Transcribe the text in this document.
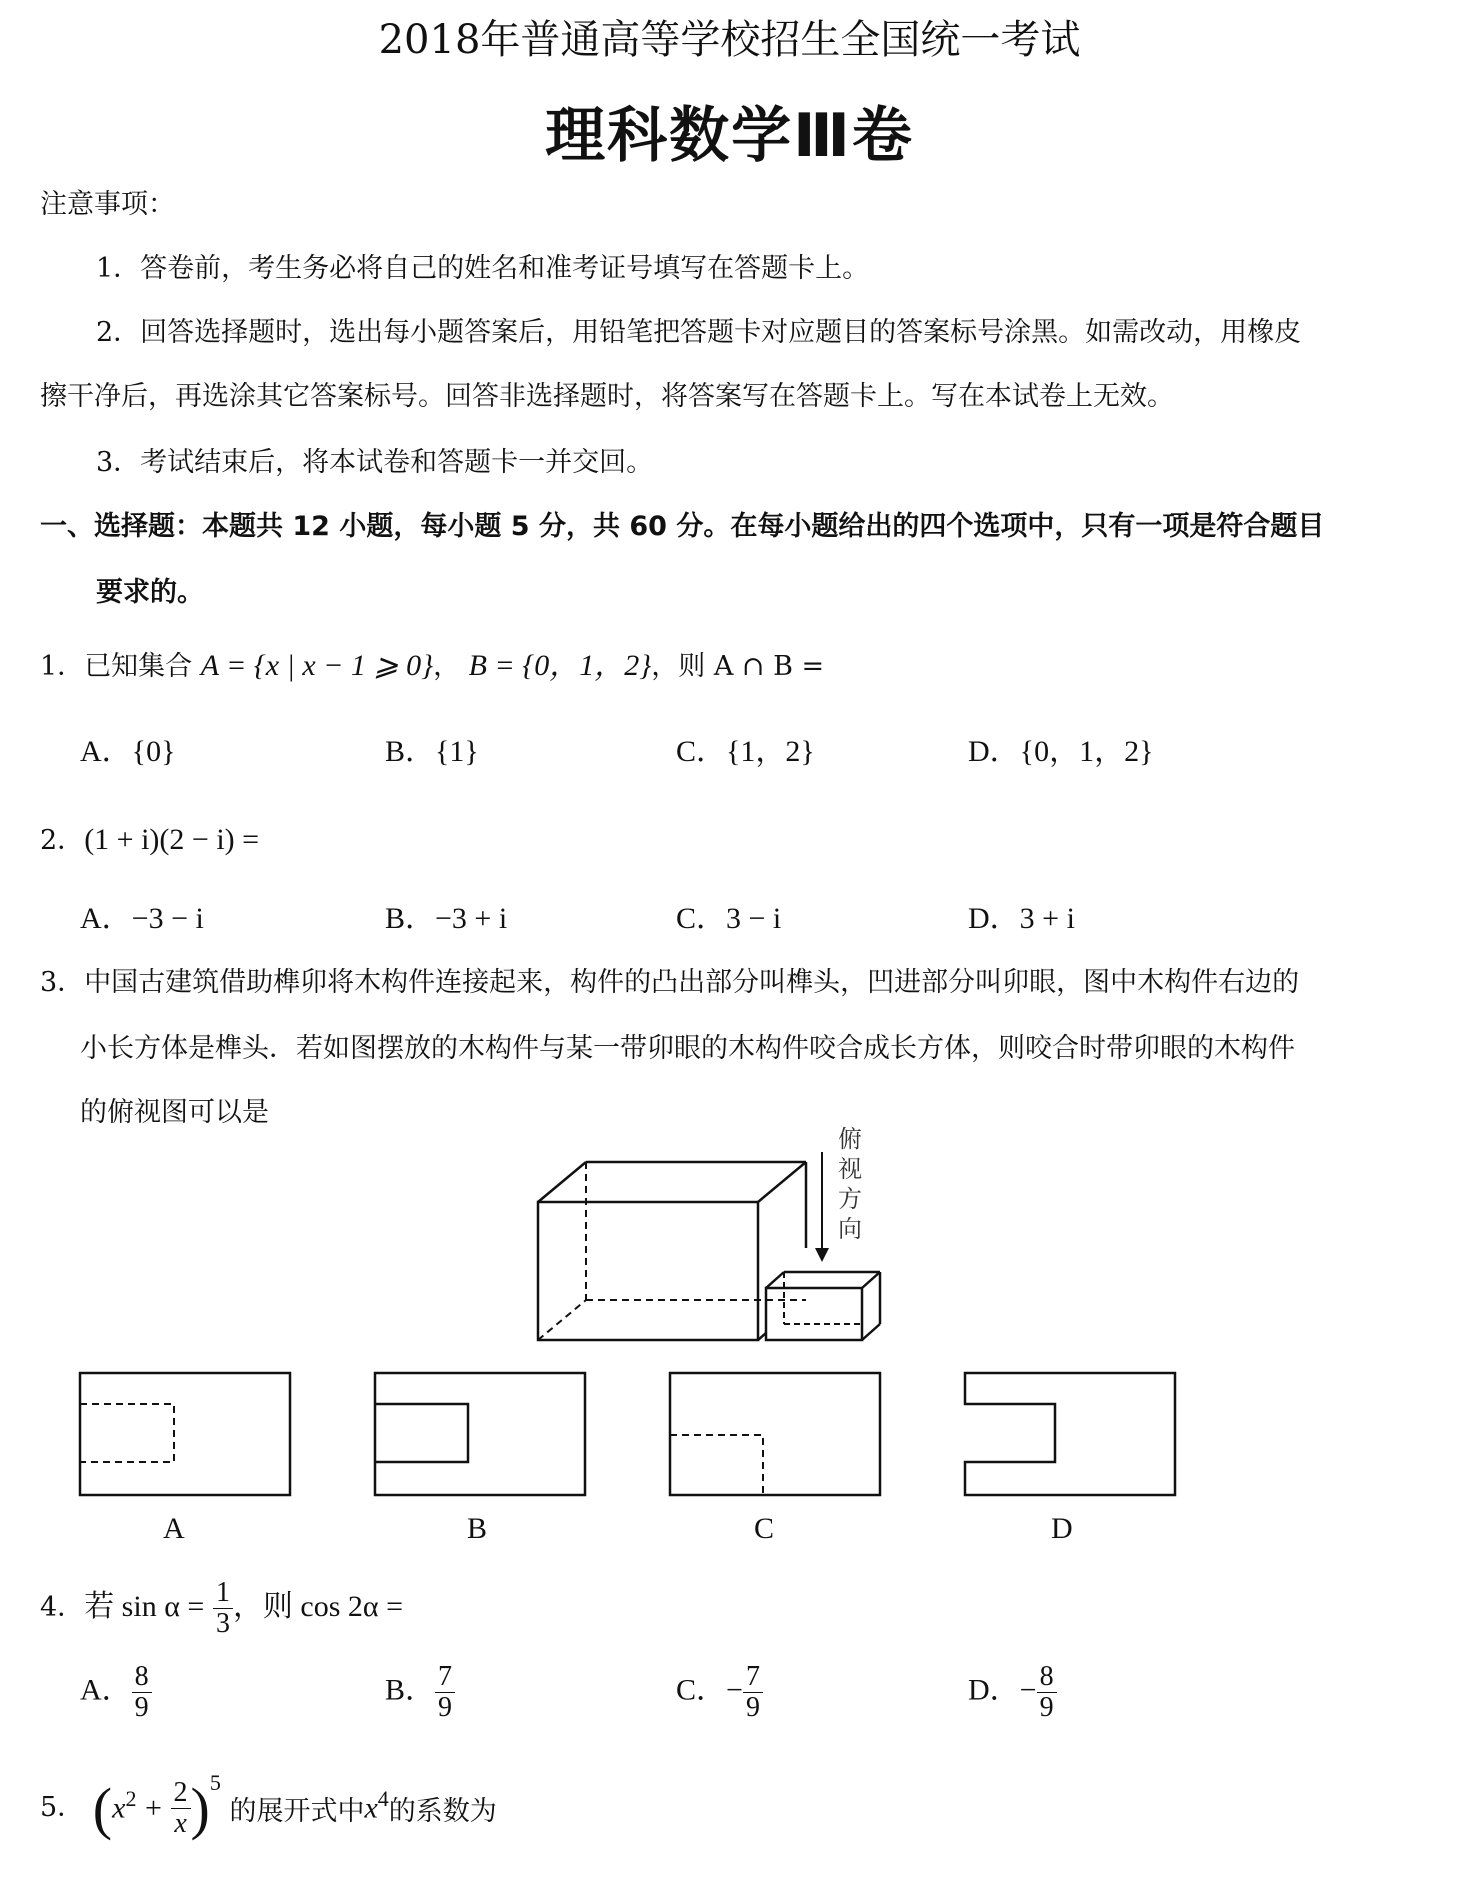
2018年普通高等学校招生全国统一考试
理科数学Ⅲ卷
注意事项：
1．答卷前，考生务必将自己的姓名和准考证号填写在答题卡上。
2．回答选择题时，选出每小题答案后，用铅笔把答题卡对应题目的答案标号涂黑。如需改动，用橡皮
擦干净后，再选涂其它答案标号。回答非选择题时，将答案写在答题卡上。写在本试卷上无效。
3．考试结束后，将本试卷和答题卡一并交回。
一、选择题：本题共 12 小题，每小题 5 分，共 60 分。在每小题给出的四个选项中，只有一项是符合题目
要求的。
1．已知集合 A = {x | x − 1 ⩾ 0}， B = {0，1，2}，则 A ∩ B =
A．{0}	B．{1}	C．{1，2}	D．{0，1，2}
2．(1 + i)(2 − i) =
A．−3 − i	B．−3 + i	C．3 − i	D．3 + i
3．中国古建筑借助榫卯将木构件连接起来，构件的凸出部分叫榫头，凹进部分叫卯眼，图中木构件右边的
小长方体是榫头．若如图摆放的木构件与某一带卯眼的木构件咬合成长方体，则咬合时带卯眼的木构件
的俯视图可以是
俯
视
方
向
A	B	C	D
4．若 $\sin \alpha = \frac{1}{3}$ ，则 cos 2α =
A． $\frac{8}{9}$	B． $\frac{7}{9}$	C．− $\frac{7}{9}$	D．− $\frac{8}{9}$
5． $(x^2 + \frac{2}{x} )^5$ 的展开式中$x^4$的系数为
